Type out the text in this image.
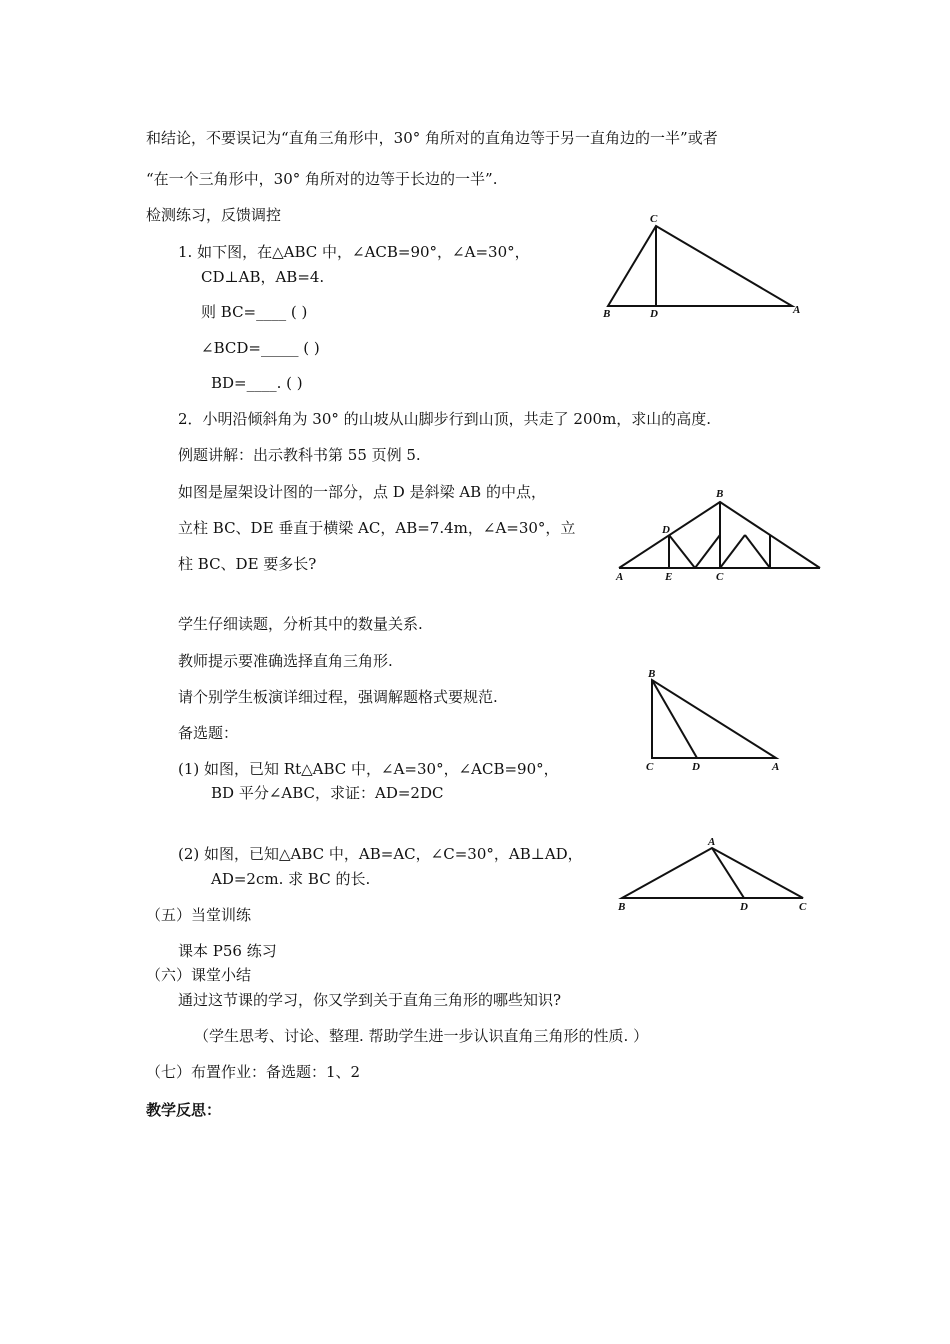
和结论，不要误记为“直角三角形中，30° 角所对的直角边等于另一直角边的一半”或者
“在一个三角形中，30° 角所对的边等于长边的一半”.
检测练习，反馈调控
1. 如下图，在△ABC 中，∠ACB=90°，∠A=30°，
CD⊥AB，AB=4.
则 BC=____ ( )
∠BCD=_____ ( )
BD=____. ( )
2．小明沿倾斜角为 30° 的山坡从山脚步行到山顶，共走了 200m，求山的高度.
例题讲解：出示教科书第 55 页例 5.
如图是屋架设计图的一部分，点 D 是斜梁 AB 的中点，
立柱 BC、DE 垂直于横梁 AC，AB=7.4m，∠A=30°，立
柱 BC、DE 要多长?
学生仔细读题，分析其中的数量关系.
教师提示要准确选择直角三角形.
请个别学生板演详细过程，强调解题格式要规范.
备选题：
(1) 如图，已知 Rt△ABC 中，∠A=30°，∠ACB=90°，
BD 平分∠ABC，求证：AD=2DC
(2) 如图，已知△ABC 中，AB=AC，∠C=30°，AB⊥AD，
AD=2cm. 求 BC 的长.
（五）当堂训练
课本 P56 练习
（六）课堂小结
通过这节课的学习，你又学到关于直角三角形的哪些知识?
（学生思考、讨论、整理. 帮助学生进一步认识直角三角形的性质. ）
（七）布置作业：备选题：1、2
教学反思：
C
B	D	A
B
D
A	E	C
B
C	D	A
A
B	D	C
